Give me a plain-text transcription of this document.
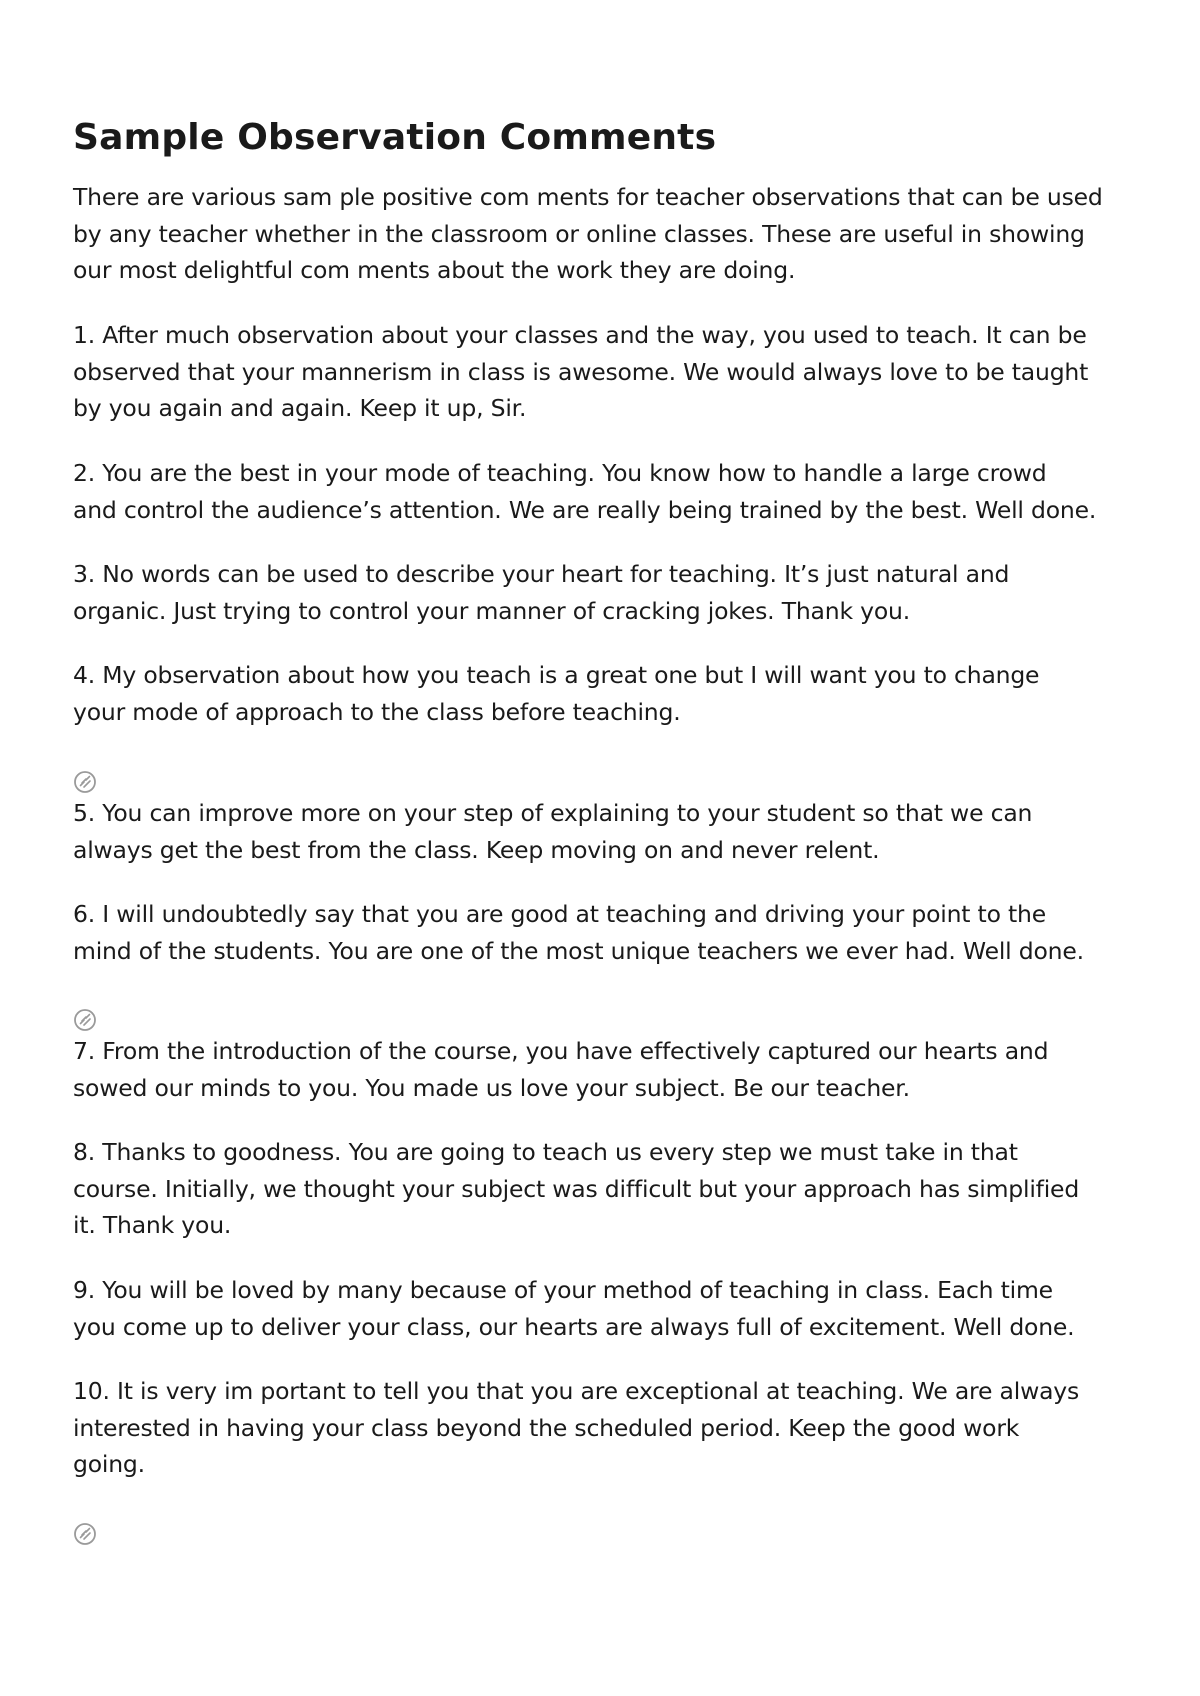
Sample Observation Comments

There are various sam ple positive com ments for teacher observations that can be used
by any teacher whether in the classroom or online classes. These are useful in showing
our most delightful com ments about the work they are doing.

1. After much observation about your classes and the way, you used to teach. It can be
observed that your mannerism in class is awesome. We would always love to be taught
by you again and again. Keep it up, Sir.

2. You are the best in your mode of teaching. You know how to handle a large crowd
and control the audience’s attention. We are really being trained by the best. Well done.

3. No words can be used to describe your heart for teaching. It’s just natural and
organic. Just trying to control your manner of cracking jokes. Thank you.

4. My observation about how you teach is a great one but I will want you to change
your mode of approach to the class before teaching.

5. You can improve more on your step of explaining to your student so that we can
always get the best from the class. Keep moving on and never relent.

6. I will undoubtedly say that you are good at teaching and driving your point to the
mind of the students. You are one of the most unique teachers we ever had. Well done.

7. From the introduction of the course, you have effectively captured our hearts and
sowed our minds to you. You made us love your subject. Be our teacher.

8. Thanks to goodness. You are going to teach us every step we must take in that
course. Initially, we thought your subject was difficult but your approach has simplified
it. Thank you.

9. You will be loved by many because of your method of teaching in class. Each time
you come up to deliver your class, our hearts are always full of excitement. Well done.

10. It is very im portant to tell you that you are exceptional at teaching. We are always
interested in having your class beyond the scheduled period. Keep the good work
going.
